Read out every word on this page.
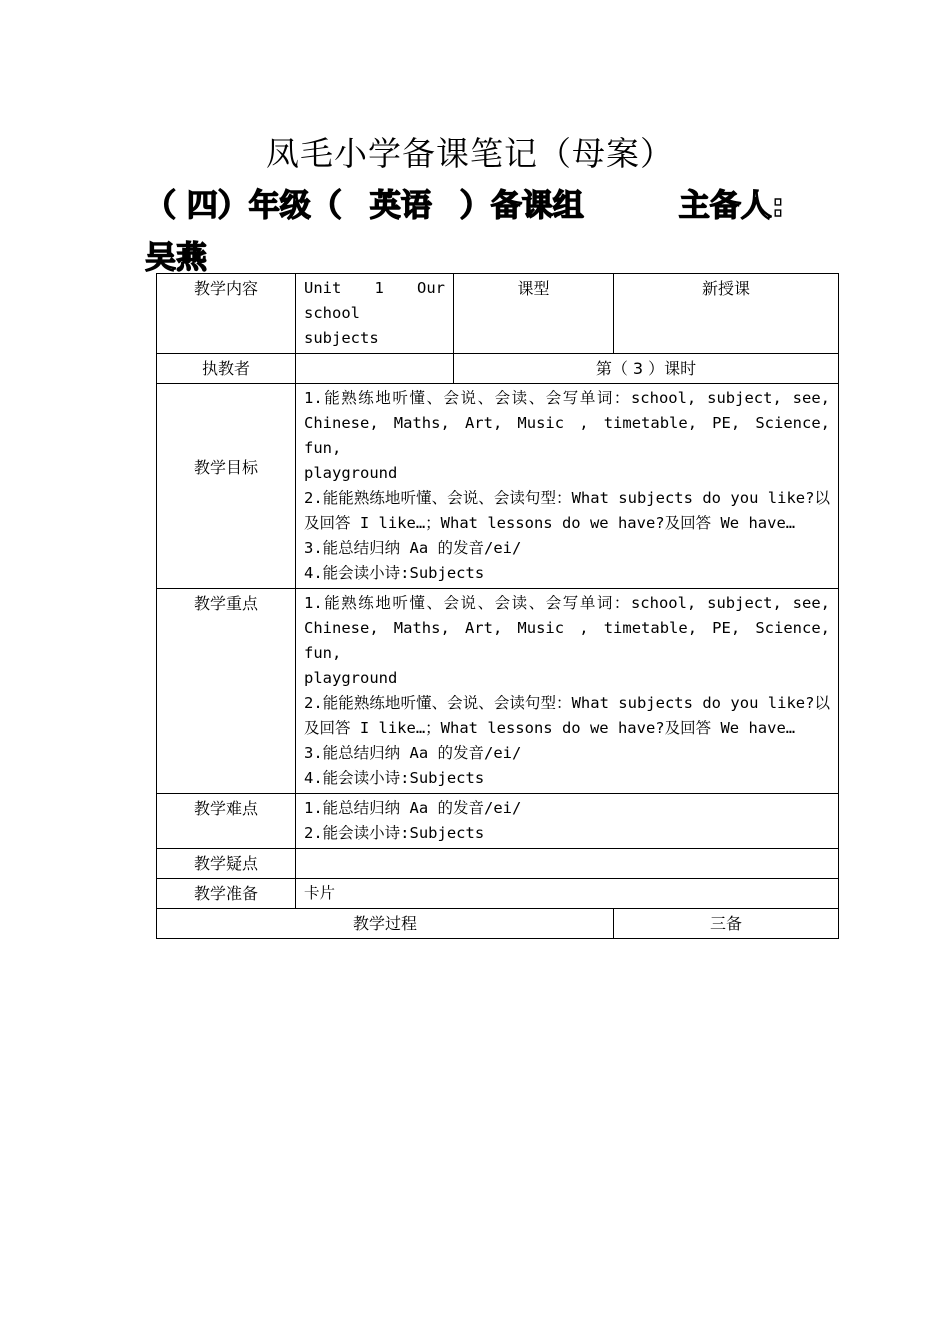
凤毛小学备课笔记（母案）
（ 四）年级（ 英语 ）备课组	主备人:
吴燕
教学内容	Unit 1 Our
school
subjects	课型	新授课
执教者		第（ 3 ）课时	
教学目标	1.能熟练地听懂、会说、会读、会写单词：school, subject, see, Chinese, Maths, Art, Music , timetable, PE, Science, fun,
playground
2.能能熟练地听懂、会说、会读句型：What subjects do you like?以及回答 I like…；What lessons do we have?及回答 We have…
3.能总结归纳 Aa 的发音/ei/
4.能会读小诗:Subjects		

教学重点	1.能熟练地听懂、会说、会读、会写单词：school, subject, see, Chinese, Maths, Art, Music , timetable, PE, Science, fun,
playground
2.能能熟练地听懂、会说、会读句型：What subjects do you like?以及回答 I like…；What lessons do we have?及回答 We have…
3.能总结归纳 Aa 的发音/ei/
4.能会读小诗:Subjects		

教学难点	1.能总结归纳 Aa 的发音/ei/
2.能会读小诗:Subjects		

教学疑点			
教学准备	卡片		
教学过程			三备
